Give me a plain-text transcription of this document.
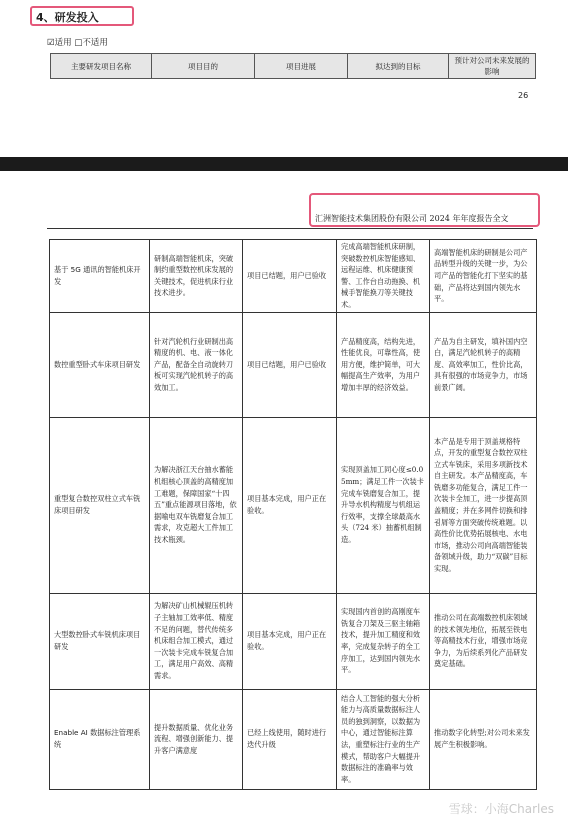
4、研发投入
☑适用 □不适用
主要研发项目名称	项目目的	项目进展	拟达到的目标	预计对公司未来发展的影响
26
汇洲智能技术集团股份有限公司 2024 年年度报告全文
基于 5G 通讯的智能机床开发	研制高端智能机床，突破制约重型数控机床发展的关键技术，促进机床行业技术进步。	项目已结题，用户已验收	完成高端智能机床研制，突破数控机床智能感知、远程运维、机床健康预警、工作台自动拖换、机械手智能换刀等关键技术。	高端智能机床的研制是公司产品转型升级的关键一步，为公司产品的智能化打下坚实的基础，产品将达到国内领先水平。
数控重型卧式车床项目研发	针对汽轮机行业研制出高精度的机、电、液一体化产品，配备全自动旋转刀板可实现汽轮机转子的高效加工。	项目已结题，用户已验收	产品精度高，结构先进，性能优良，可靠性高，使用方便，维护简单，可大幅提高生产效率，为用户增加丰厚的经济效益。	产品为自主研发，填补国内空白，满足汽轮机转子的高精度、高效率加工，性价比高，具有很强的市场竞争力，市场前景广阔。
重型复合数控双柱立式车铣床项目研发	为解决浙江天台抽水蓄能机组核心顶盖的高精度加工难题，保障国家“十四五”重点能源项目落地，依据喻电双车铣磨复合加工需求，攻克超大工件加工技术瓶颈。	项目基本完成，用户正在验收。	实现顶盖加工同心度≤0.05mm；满足工件一次装卡完成车铣磨复合加工，提升导水机构精度与机组运行效率，支撑全球最高水头（724 米）抽蓄机组制造。	本产品是专用于顶盖规格特点，开发的重型复合数控双柱立式车铣床，采用多项新技术自主研发。本产品精度高，车铣磨多功能复合，满足工件一次装卡全加工，进一步提高顶盖精度；并在多网件切换和排굄屑等方面突破传统难题。以高性价比优势拓展核电、水电市场，推动公司向高端智能装备领域升级，助力“双碳”目标实现。
大型数控卧式车铣机床项目研发	为解决矿山机械辊压机转子主轴加工效率低、精度不足的问题，替代传统多机床组合加工模式，通过一次装卡完成车铣复合加工，满足用户高效、高精需求。	项目基本完成，用户正在验收。	实现国内首创的高刚度车铣复合刀架及三驱主轴箱技术，提升加工精度和效率，完成复杂转子的全工序加工，达到国内领先水平。	推动公司在高端数控机床领域的技术领先地位，拓展至铁电等高精技术行业，增强市场竞争力，为后续系列化产品研发奠定基础。
Enable AI 数据标注管理系统	提升数据质量、优化业务流程、增强创新能力、提升客户满意度	已经上线使用，随时进行迭代升级	结合人工智能的强大分析能力与高质量数据标注人员的独到洞察，以数据为中心，通过智能标注算法，重塑标注行业的生产模式，帮助客户大幅提升数据标注的准确率与效率。	推动数字化转型;对公司未来发展产生积极影响。
雪球：小海Charles
